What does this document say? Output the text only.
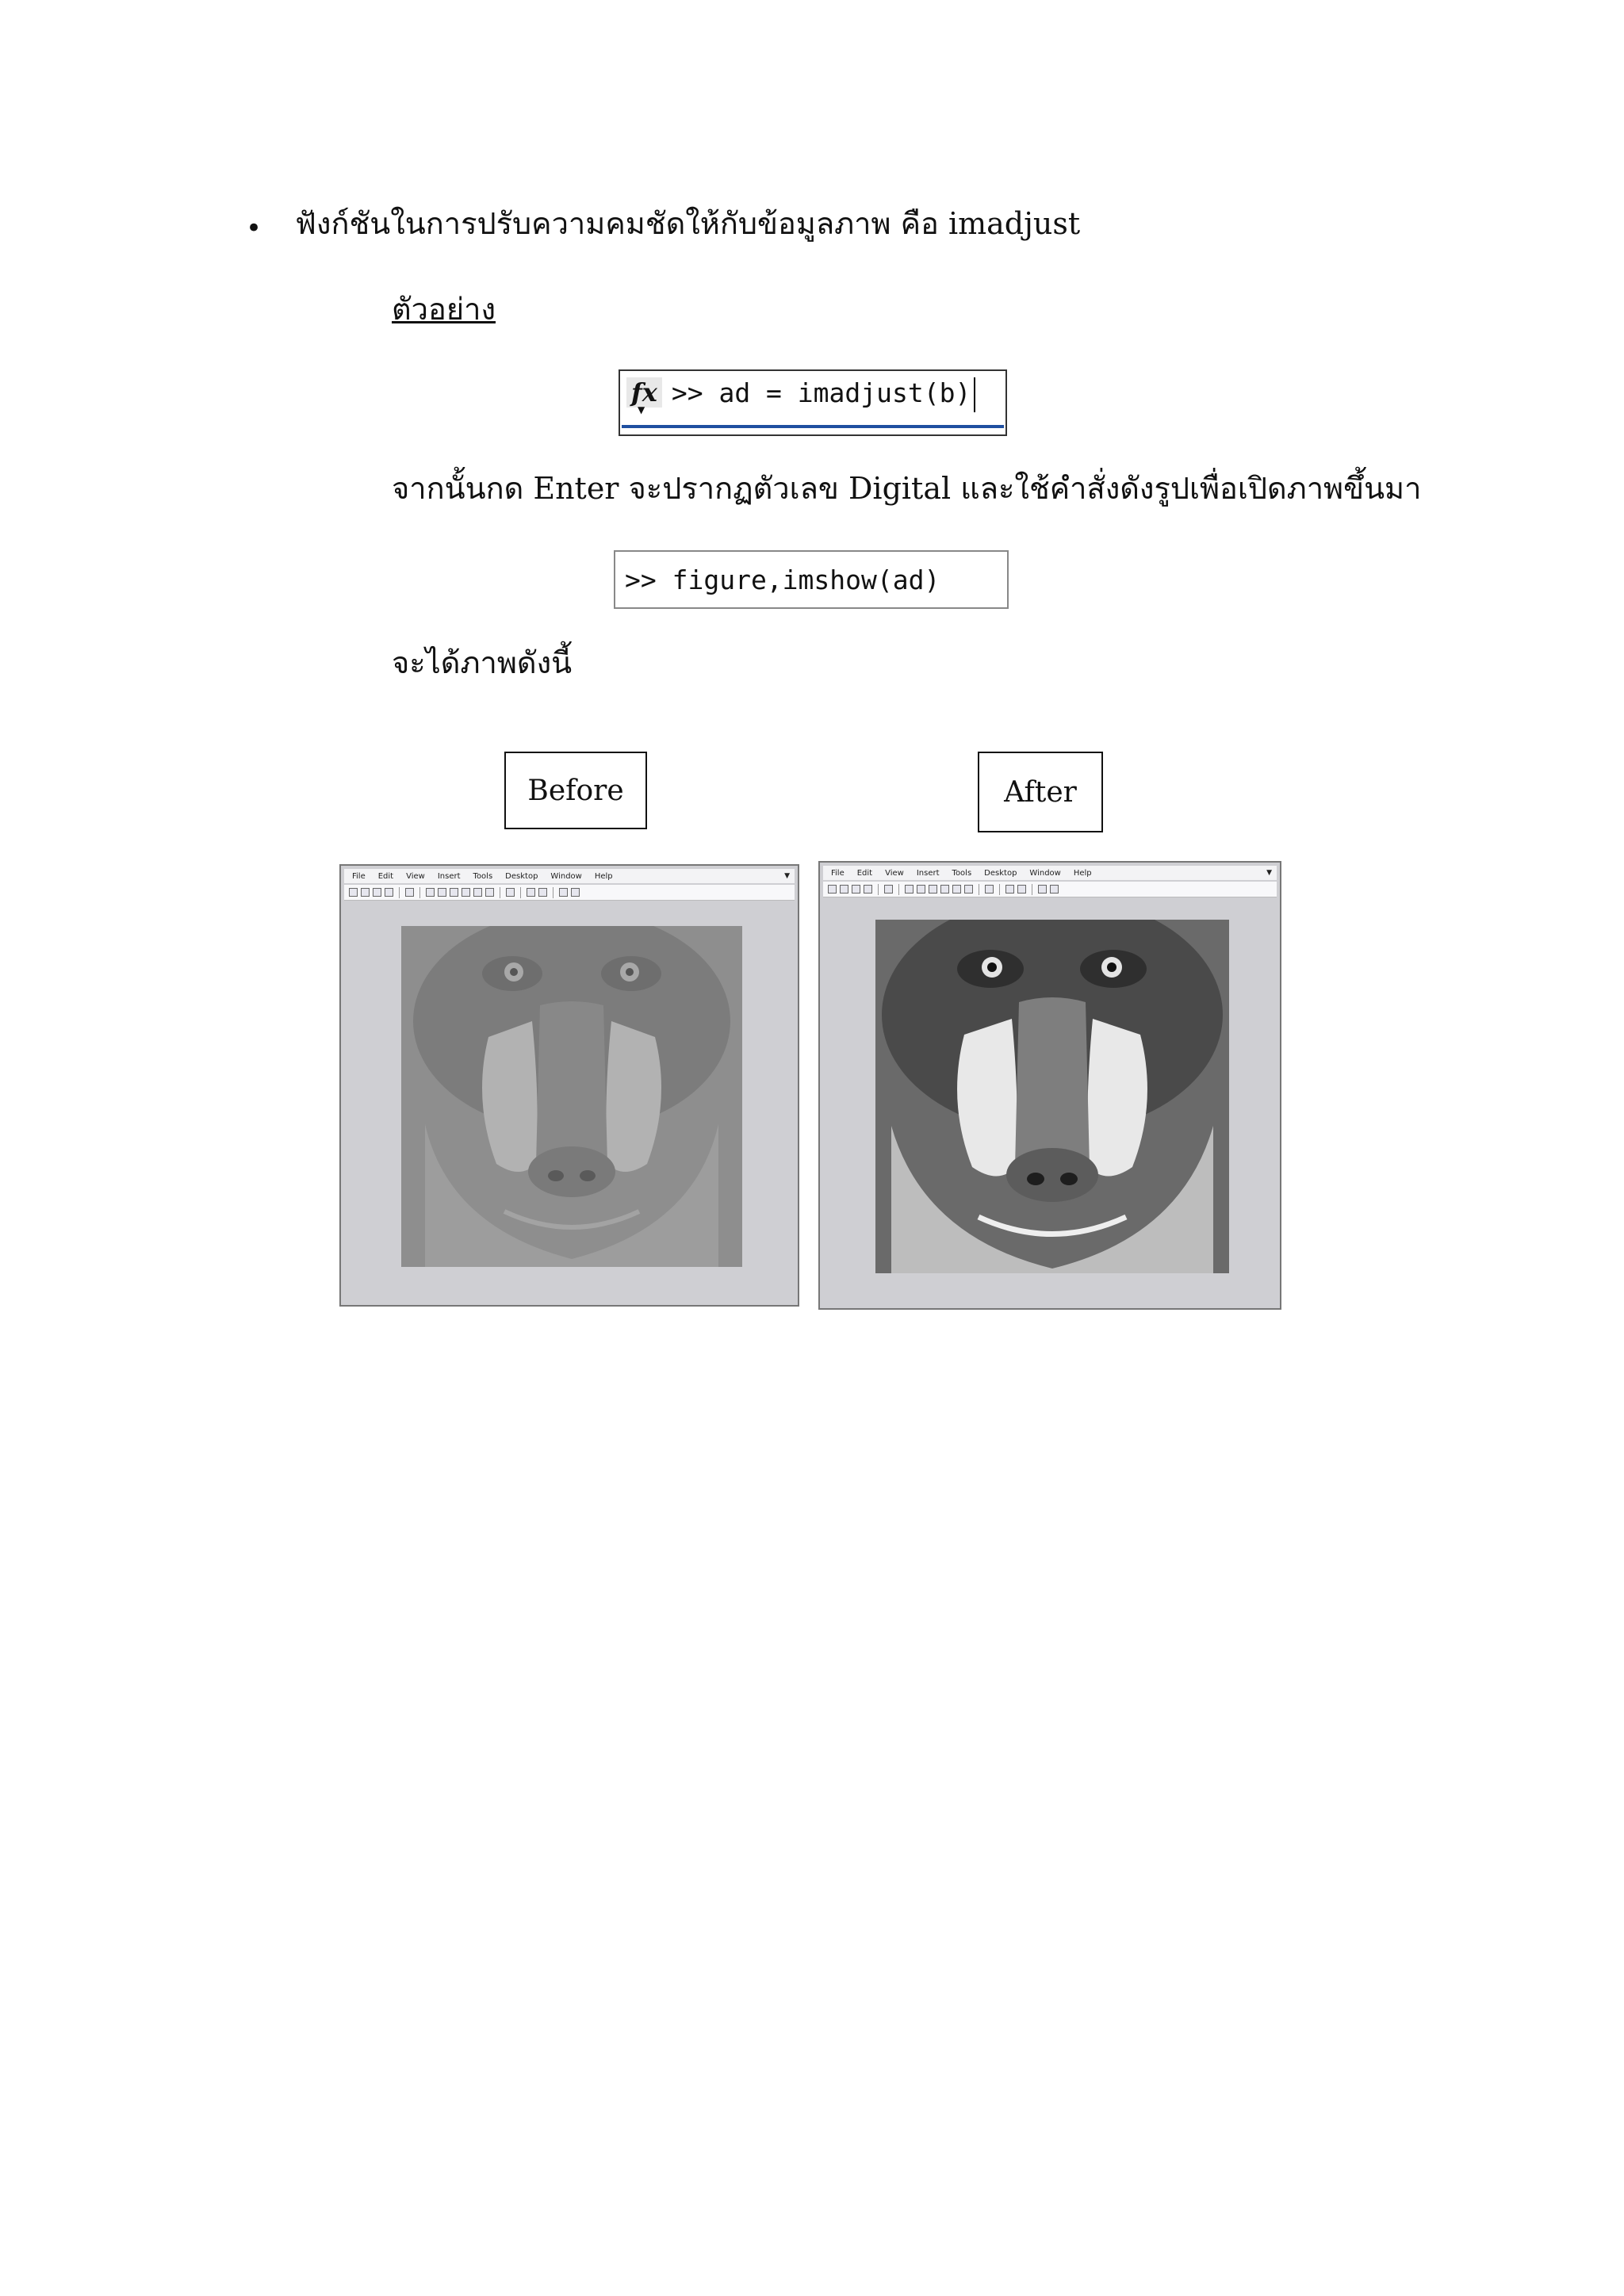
• ฟังก์ชันในการปรับความคมชัดให้กับข้อมูลภาพ คือ imadjust
ตัวอย่าง
fx
▼
>> ad = imadjust(b)
จากนั้นกด Enter จะปรากฏตัวเลข Digital และใช้คำสั่งดังรูปเพื่อเปิดภาพขึ้นมา
>> figure,imshow(ad)
จะได้ภาพดังนี้
Before	After
File Edit View Insert Tools Desktop Window Help	▼	File Edit View Insert Tools Desktop Window Help	▼
